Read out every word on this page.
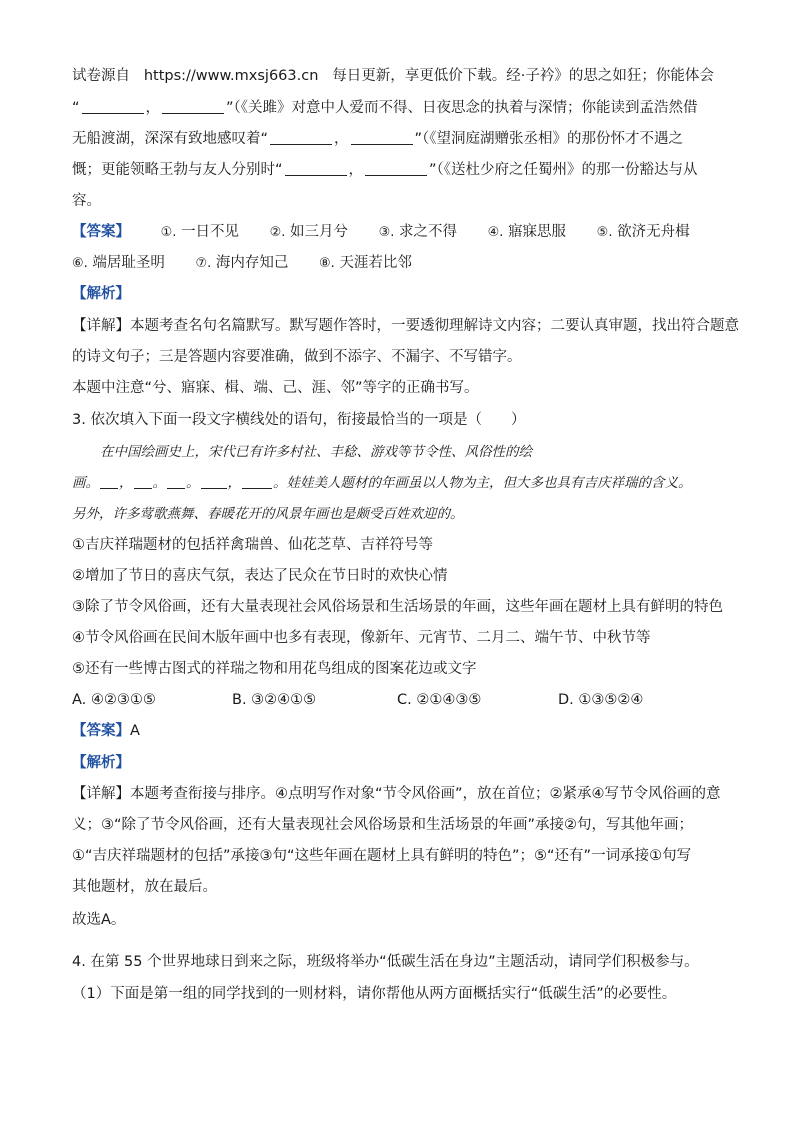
试卷源自 https://www.mxsj663.cn 每日更新，享更低价下载。经·子衿》的思之如狂；你能体会
“	，	”（《关雎》对意中人爱而不得、日夜思念的执着与深情；你能读到孟浩然借
无船渡湖，深深有致地感叹着“	，	”（《望洞庭湖赠张丞相》的那份怀才不遇之
慨；更能领略王勃与友人分别时“	，	”（《送杜少府之任蜀州》的那一份豁达与从
容。
【答案】 ①. 一日不见 ②. 如三月兮 ③. 求之不得 ④. 寤寐思服 ⑤. 欲济无舟楫
⑥. 端居耻圣明 ⑦. 海内存知己 ⑧. 天涯若比邻
【解析】
【详解】本题考查名句名篇默写。默写题作答时，一要透彻理解诗文内容；二要认真审题，找出符合题意
的诗文句子；三是答题内容要准确，做到不添字、不漏字、不写错字。
本题中注意“兮、寤寐、楫、端、己、涯、邻”等字的正确书写。
3. 依次填入下面一段文字横线处的语句，衔接最恰当的一项是（　　）
在中国绘画史上，宋代已有许多村社、丰稔、游戏等节令性、风俗性的绘
画。 ， 。 。 ， 。娃娃美人题材的年画虽以人物为主，但大多也具有吉庆祥瑞的含义。
另外，许多莺歌燕舞、春暖花开的风景年画也是颇受百姓欢迎的。
①吉庆祥瑞题材的包括祥禽瑞兽、仙花芝草、吉祥符号等
②增加了节日的喜庆气氛，表达了民众在节日时的欢快心情
③除了节令风俗画，还有大量表现社会风俗场景和生活场景的年画，这些年画在题材上具有鲜明的特色
④节令风俗画在民间木版年画中也多有表现，像新年、元宵节、二月二、端午节、中秋节等
⑤还有一些博古图式的祥瑞之物和用花鸟组成的图案花边或文字
A. ④②③①⑤	B. ③②④①⑤	C. ②①④③⑤	D. ①③⑤②④
【答案】A
【解析】
【详解】本题考查衔接与排序。④点明写作对象“节令风俗画”，放在首位；②紧承④写节令风俗画的意
义；③“除了节令风俗画，还有大量表现社会风俗场景和生活场景的年画”承接②句，写其他年画；
①“吉庆祥瑞题材的包括”承接③句“这些年画在题材上具有鲜明的特色”；⑤“还有”一词承接①句写
其他题材，放在最后。
故选A。
4. 在第 55 个世界地球日到来之际，班级将举办“低碳生活在身边”主题活动，请同学们积极参与。
（1）下面是第一组的同学找到的一则材料，请你帮他从两方面概括实行“低碳生活”的必要性。
